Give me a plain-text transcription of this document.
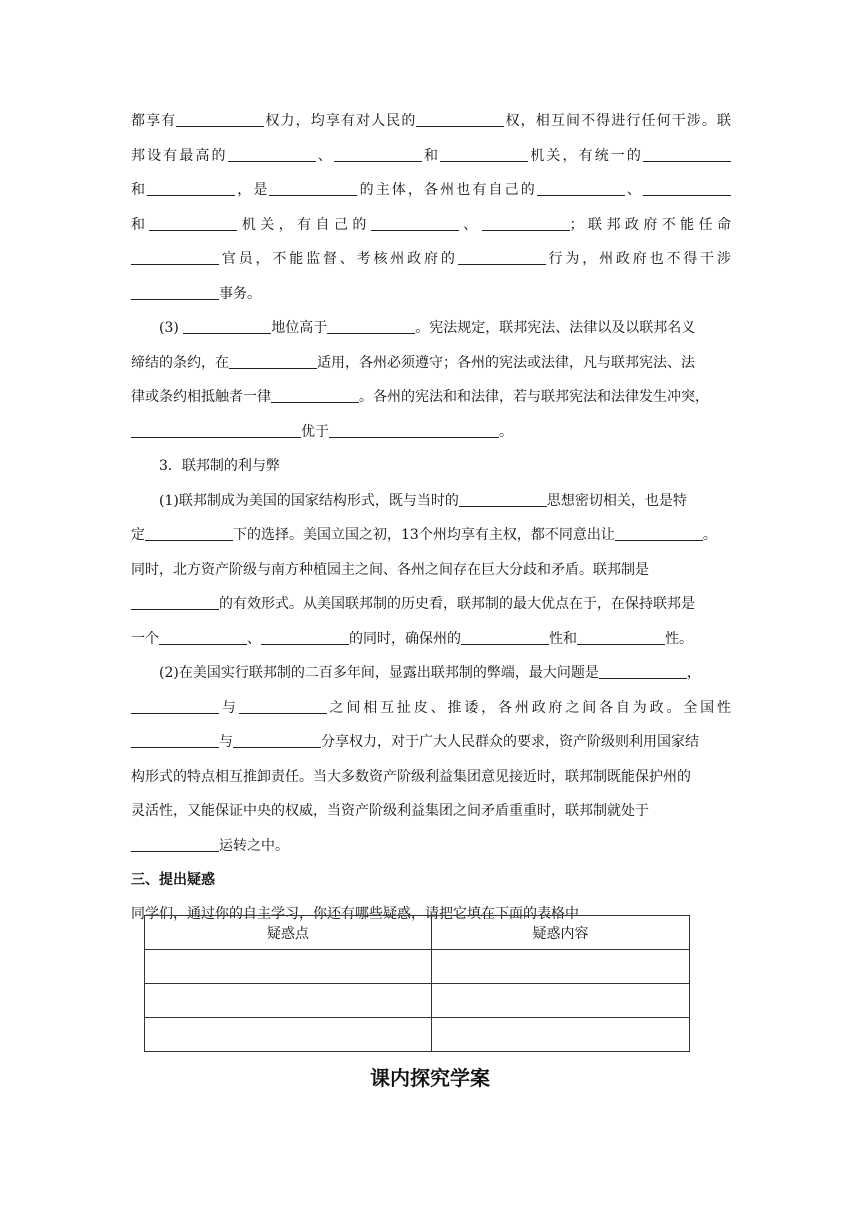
都享有	权力，均享有对人民的	权，相互间不得进行任何干涉。联
邦设有最高的	、	和	机关，有统一的
和	，是	的主体，各州也有自己的	、
和	机关，有自己的	、	；联邦政府不能任命
官员，不能监督、考核州政府的	行为，州政府也不得干涉
事务。
(3)	地位高于	。宪法规定，联邦宪法、法律以及以联邦名义
缔结的条约，在	适用，各州必须遵守；各州的宪法或法律，凡与联邦宪法、法
律或条约相抵触者一律	。各州的宪法和和法律，若与联邦宪法和法律发生冲突，
优于	。
3．联邦制的利与弊
(1)联邦制成为美国的国家结构形式，既与当时的	思想密切相关，也是特
定	下的选择。美国立国之初，13个州均享有主权，都不同意出让	。
同时，北方资产阶级与南方种植园主之间、各州之间存在巨大分歧和矛盾。联邦制是
的有效形式。从美国联邦制的历史看，联邦制的最大优点在于，在保持联邦是
一个	、	的同时，确保州的	性和	性。
(2)在美国实行联邦制的二百多年间，显露出联邦制的弊端，最大问题是	，
与	之间相互扯皮、推诿，各州政府之间各自为政。全国性
与	分享权力，对于广大人民群众的要求，资产阶级则利用国家结
构形式的特点相互推卸责任。当大多数资产阶级利益集团意见接近时，联邦制既能保护州的
灵活性，又能保证中央的权威，当资产阶级利益集团之间矛盾重重时，联邦制就处于
运转之中。
三、提出疑惑
同学们，通过你的自主学习，你还有哪些疑惑，请把它填在下面的表格中
疑惑点	疑惑内容

课内探究学案
